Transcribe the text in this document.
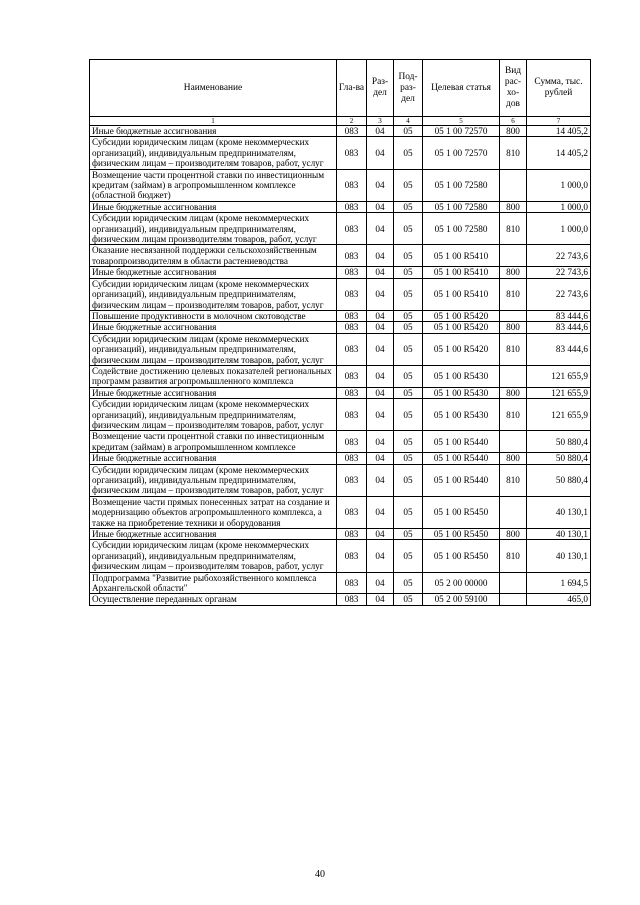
Наименование	Гла-ва	Раз-дел	Под-раз-дел	Целевая статья	Вид рас-хо-дов	Сумма, тыс. рублей
1	2	3	4	5	6	7
Иные бюджетные ассигнования	083	04	05	05 1 00 72570	800	14 405,2
Субсидии юридическим лицам (кроме некоммерческих организаций), индивидуальным предпринимателям, физическим лицам – производителям товаров, работ, услуг	083	04	05	05 1 00 72570	810	14 405,2
Возмещение части процентной ставки по инвестиционным кредитам (займам) в агропромышленном комплексе (областной бюджет)	083	04	05	05 1 00 72580		1 000,0
Иные бюджетные ассигнования	083	04	05	05 1 00 72580	800	1 000,0
Субсидии юридическим лицам (кроме некоммерческих организаций), индивидуальным предпринимателям, физическим лицам производителям товаров, работ, услуг	083	04	05	05 1 00 72580	810	1 000,0
Оказание несвязанной поддержки сельскохозяйственным товаропроизводителям в области растениеводства	083	04	05	05 1 00 R5410		22 743,6
Иные бюджетные ассигнования	083	04	05	05 1 00 R5410	800	22 743,6
Субсидии юридическим лицам (кроме некоммерческих организаций), индивидуальным предпринимателям, физическим лицам – производителям товаров, работ, услуг	083	04	05	05 1 00 R5410	810	22 743,6
Повышение продуктивности в молочном скотоводстве	083	04	05	05 1 00 R5420		83 444,6
Иные бюджетные ассигнования	083	04	05	05 1 00 R5420	800	83 444,6
Субсидии юридическим лицам (кроме некоммерческих организаций), индивидуальным предпринимателям, физическим лицам – производителям товаров, работ, услуг	083	04	05	05 1 00 R5420	810	83 444,6
Содействие достижению целевых показателей региональных программ развития агропромышленного комплекса	083	04	05	05 1 00 R5430		121 655,9
Иные бюджетные ассигнования	083	04	05	05 1 00 R5430	800	121 655,9
Субсидии юридическим лицам (кроме некоммерческих организаций), индивидуальным предпринимателям, физическим лицам – производителям товаров, работ, услуг	083	04	05	05 1 00 R5430	810	121 655,9
Возмещение части процентной ставки по инвестиционным кредитам (займам) в агропромышленном комплексе	083	04	05	05 1 00 R5440		50 880,4
Иные бюджетные ассигнования	083	04	05	05 1 00 R5440	800	50 880,4
Субсидии юридическим лицам (кроме некоммерческих организаций), индивидуальным предпринимателям, физическим лицам – производителям товаров, работ, услуг	083	04	05	05 1 00 R5440	810	50 880,4
Возмещение части прямых понесенных затрат на создание и модернизацию объектов агропромышленного комплекса, а также на приобретение техники и оборудования	083	04	05	05 1 00 R5450		40 130,1
Иные бюджетные ассигнования	083	04	05	05 1 00 R5450	800	40 130,1
Субсидии юридическим лицам (кроме некоммерческих организаций), индивидуальным предпринимателям, физическим лицам – производителям товаров, работ, услуг	083	04	05	05 1 00 R5450	810	40 130,1
Подпрограмма "Развитие рыбохозяйственного комплекса Архангельской области"	083	04	05	05 2 00 00000		1 694,5
Осуществление переданных органам	083	04	05	05 2 00 59100		465,0
40
